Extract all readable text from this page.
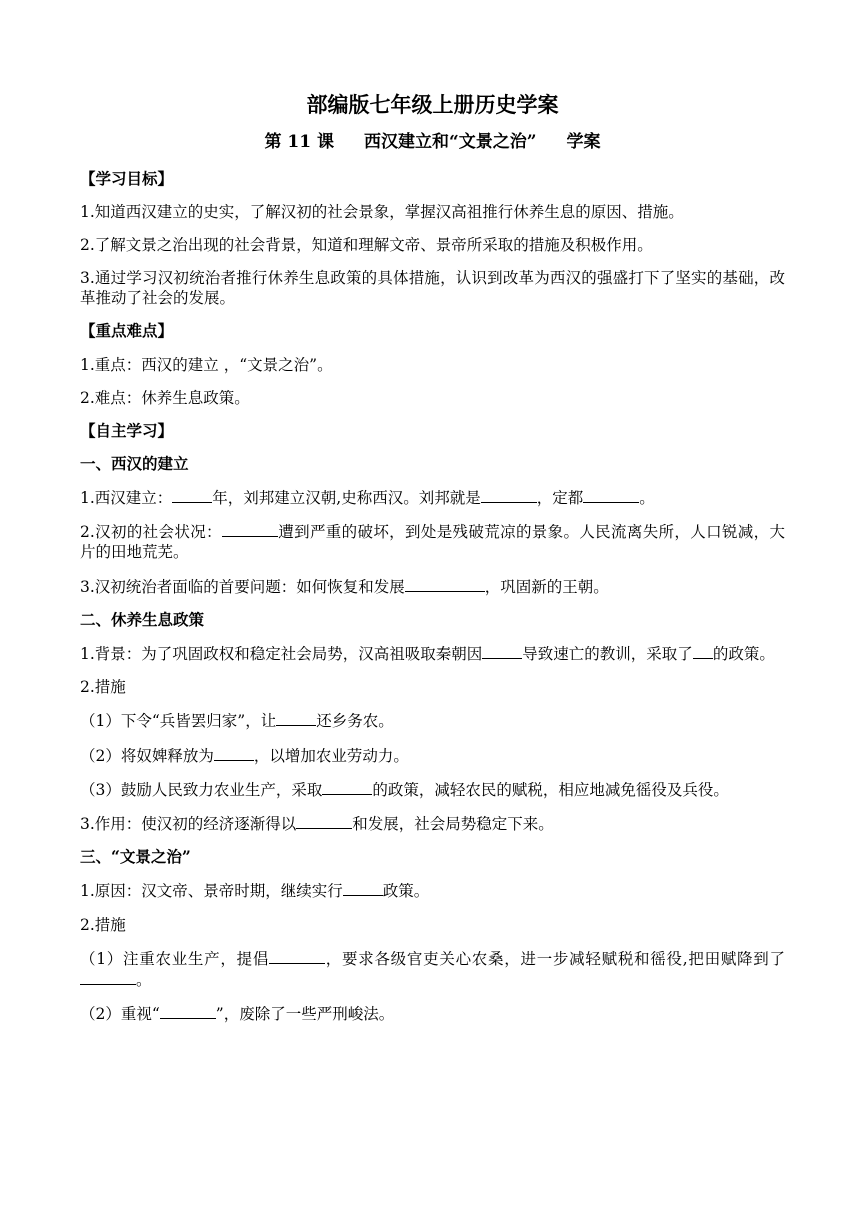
部编版七年级上册历史学案
第 11 课 西汉建立和“文景之治” 学案

【学习目标】

1.知道西汉建立的史实，了解汉初的社会景象，掌握汉高祖推行休养生息的原因、措施。

2.了解文景之治出现的社会背景，知道和理解文帝、景帝所采取的措施及积极作用。

3.通过学习汉初统治者推行休养生息政策的具体措施，认识到改革为西汉的强盛打下了坚实的基础，改革推动了社会的发展。

【重点难点】

1.重点：西汉的建立 ，“文景之治”。

2.难点：休养生息政策。

【自主学习】

一、西汉的建立

1.西汉建立：	年，刘邦建立汉朝,史称西汉。刘邦就是	，定都	。

2.汉初的社会状况：	遭到严重的破坏，到处是残破荒凉的景象。人民流离失所，人口锐减，大片的田地荒芜。

3.汉初统治者面临的首要问题：如何恢复和发展	，巩固新的王朝。

二、休养生息政策

1.背景：为了巩固政权和稳定社会局势，汉高祖吸取秦朝因	导致速亡的教训，采取了 的政策。

2.措施

（1）下令“兵皆罢归家”，让	还乡务农。

（2）将奴婢释放为	，以增加农业劳动力。

（3）鼓励人民致力农业生产，采取	的政策，减轻农民的赋税，相应地减免徭役及兵役。

3.作用：使汉初的经济逐渐得以	和发展，社会局势稳定下来。

三、“文景之治”

1.原因：汉文帝、景帝时期，继续实行	政策。

2.措施

（1）注重农业生产，提倡	，要求各级官吏关心农桑，进一步减轻赋税和徭役,把田赋降到了。

（2）重视“	”，废除了一些严刑峻法。
